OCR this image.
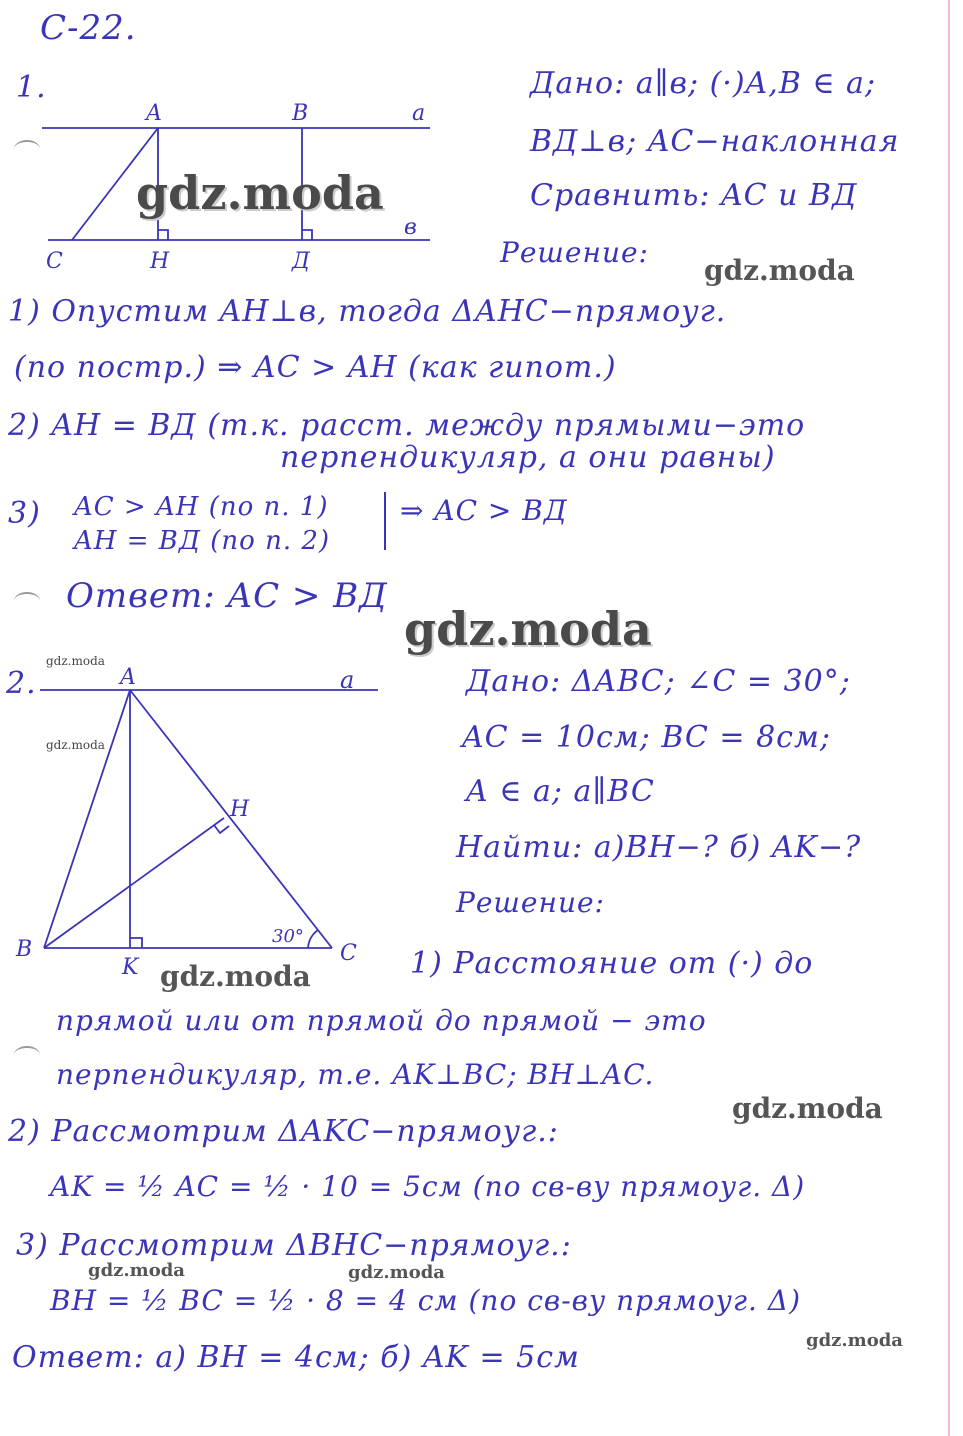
С-22.
1.
A	B	a
в
C	H	Д
Дано: a∥в; (·)A,B ∈ a;
BД⊥в; AC−наклонная
Сравнить: AC и BД
Решение:
1) Опустим AH⊥в, тогда ΔAHC−прямоуг.
(по постр.) ⇒ AC > AH (как гипот.)
2) AH = BД (т.к. расст. между прямыми−это
перпендикуляр, а они равны)
3) AC > AH (по п. 1)
AH = BД (по п. 2)
⇒ AC > BД
Ответ: AC > BД
2.	A	a
H
B
K
C
30°
Дано: ΔABC; ∠C = 30°;
AC = 10см; BC = 8см;
A ∈ a; a∥BC
Найти: а)BH−? б) AK−?
Решение:
1) Расстояние от (·) до
прямой или от прямой до прямой − это
перпендикуляр, т.е. AK⊥BC; BH⊥AC.
2) Рассмотрим ΔAKC−прямоуг.:
AK = ½ AC = ½ · 10 = 5см (по св-ву прямоуг. Δ)
3) Рассмотрим ΔBHC−прямоуг.:
BH = ½ BC = ½ · 8 = 4 см (по св-ву прямоуг. Δ)
Ответ: а) BH = 4см; б) AK = 5см
gdz.moda
gdz.moda
gdz.moda
gdz.moda
gdz.moda
gdz.moda
gdz.moda
gdz.moda	gdz.moda
gdz.moda
